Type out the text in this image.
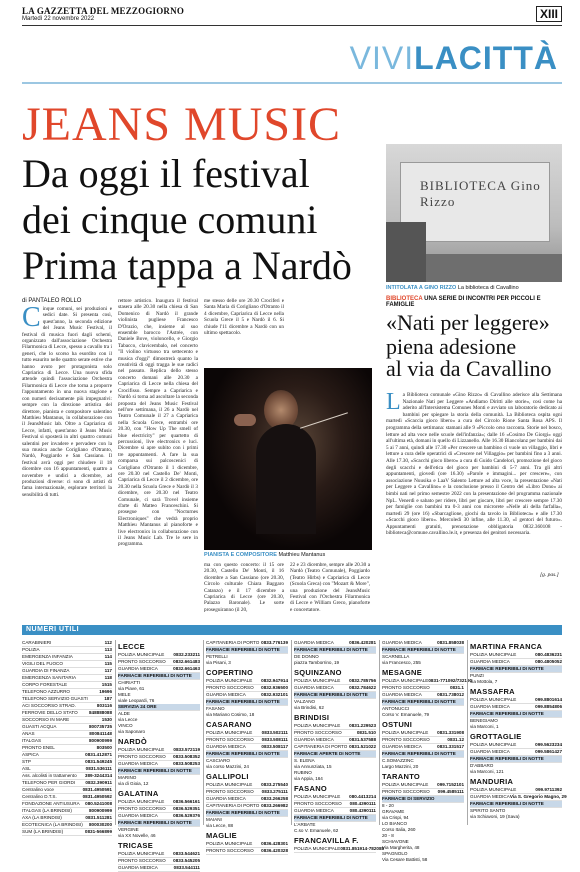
LA GAZZETTA DEL MEZZOGIORNO
Martedì 22 novembre 2022	XIII
VIVILACITTÀ
JEANS MUSIC
Da oggi il festival
dei cinque comuni
Prima tappa a Nardò
di PANTALEO ROLLO
Cinque comuni, sei produzioni e sedici date. Si presenta così, quest'anno, la seconda edizione del Jeans Music Festival, il festival di musica fuori dagli schemi, organizzato dall'associazione Orchestra Filarmonica di Lecce, spesso a cavallo tra i generi, che lo scorso ha esordito con il tutto esaurito nelle quattro serate estive che hanno avuto per protagonista solo Capriarica di Lecce. Una nuova sfida attende quindi l'associazione Orchestra Filarmonica di Lecce che torna a proporre l'appuntamento in una nuova stagione e con numeri decisamente più impegnativi: sempre con la direzione artistica del direttore, pianista e compositore salentino Matthieu Mantanus, in collaborazione con il JeansMusic lab. Oltre a Capriarica di Lecce, infatti, quest'anno il Jeans Music Festival si sposterà in altri quattro comuni salentini per invadere e pervadere con la sua musica anche Corigliano d'Otranto, Nardò, Poggiardo e San Cassiano. Il festival avrà oggi per chiudere il 18 dicembre con 16 appuntamenti, quattro a novembre e undici a dicembre, ad produzioni diverse: ci sono di artisti di fama internazionale, esplorare territori la sensibilità di tutti.
rettore artistico. Inaugura il festival stasera alle 20.30 nella chiesa di San Domenico di Nardò il grande violinista pugliese Francesco D'Orazio, che, insieme al suo ensemble barocco l'Astrée, con Daniele Bove, violoncello, e Giorgio Tabacco, clavicembalo, nel concerto "Il violino virtuoso tra settecento e musica d'oggi" dimostrerà quanto la creatività di oggi tragga le sue radici nel passato. Replica dello stesso concerto domani alle 20.30 a Capriarica di Lecce nella chiesa del Crocifisso. Sempre a Capriarica e Nardò si torna ad ascoltare la seconda proposta del Jeans Music Festival nell'ore settimana, il 26 a Nardò nel Teatro Comunale il 27 a Capriarica nella Scuola Grece, entrambi ore 20.30, con "How Up The smell of blue electricity" per quartetto di percussioni, live electronics e luci. Dicembre si apre subito con i primi tre appuntamenti. A fare la sua comparsa sui palcoscenici di Corigliano d'Otranto il 1 dicembre, ore 20.30 nel Castello De' Monti, Capriarica di Lecce il 2 dicembre, ore 20.30 nella Scuola Grece e Nardò il 3 dicembre, ore 20.30 nel Teatro Comunale, ci sarà Trovel insieme d'arte di Matteo Franceschini. Si prosegue con "Nocturnes Electroniques" che vedrà proprio Matthieu Mantanus al pianoforte e live electronics in collaborazione con il Jeans Music Lab. Tre le sere in programma.
me stesso delle ore 20.30 Crociferi e Santa Maria di Corigliano d'Otranto il 4 dicembre, Capriarica di Lecce nella Scuola Grece il 5 e Nardò il 6. Si chiude l'11 dicembre a Nardò con un ultimo spettacolo.
PIANISTA E COMPOSITORE Matthieu Mantanus
ma con questo concerto: il 15 ore 20.30, Castello De' Monti, il 16 dicembre a San Cassiano (ore 20.30, Circolo culturale Chiara Baggaro Catanzo) e il 17 dicembre a Capriarica di Lecce (ore 20.30, Palazzo Baronale). Le sorte proseguiranno (il 20,
22 e 23 dicembre, sempre alle 20.30 a Nardò (Teatro Comunale), Poggiardo (Teatro Hirbs) e Capriarica di Lecce (Scuola Greca) con "Mozart & More", una produzione del JeansMusic Festival con l'Orchestra Filarmonica di Lecce e William Greco, pianoforte e concertatore.
BIBLIOTECA Gino Rizzo
INTITOLATA A GINO RIZZO La biblioteca di Cavallino
BIBLIOTECA UNA SERIE DI INCONTRI PER PICCOLI E FAMIGLIE
«Nati per leggere»
piena adesione
al via da Cavallino
La Biblioteca comunale «Gino Rizzo» di Cavallino aderisce alla Settimana Nazionale Nati per Leggere «Andiamo Diritti alle storie», così come ha aderito all'Intersistema Comunes Monti e avviato un laboratorio dedicato ai bambini per spiegare la storia della comunità. La Biblioteca ospita ogni martedì «Scaccia gioco libero» a cura del Circolo Rione Santa Rosa APS. Il programma della settimana: stamani alle 9 «Piccolo orso racconta. Storie nel bosco, letture ad alta voce nelle scuole dell'infanzia»; dalle 16 «Cosimo De Giorgi» oggi all'ultima età, domani in quello di Lizzanello. Alle 16.30 Biancolanz per bambini dai 5 ai 7 anni, quindi alle 17.30 «Per crescere un bambino ci vuole un villaggio, libri e letture a cura delle operatrici di «Crescere nel Villaggio» per bambini fino a 3 anni. Alle 17.30, «Scacchi gioco libero» a cura di Guido Candelori, promozione del gioco degli scacchi e dell'etica del gioco per bambini di 5-7 anni. Tra gli altri appuntamenti, giovedì (ore 16.30) «Parole e immagini... per crescere», con associazione Nuusika e LaaV Salento Letture ad alta voce, la presentazione «Nati per Leggere a Cavallino» e la conclusione presso il Centro del «Libro Dono» ai bimbi nati nel primo semestre 2022 con la presentazione del programma nazionale NpL. Venerdì e sabato per ridere, libri per giocare, libri per crescere sempre 17.30 per famiglie con bambini tra 0-3 anni con microrete «Nelle ali della farfalla», martedì 29 (ore 16) «Sbarcaglione, giochi da tavolo in Biblioteca» e alle 17.30 «Scacchi gioco libero». Mercoledì 30 infine, alle 11.30, «I gentori del futuro». Appuntamenti gratuiti, prenotazione obbligatoria 0832.360108 - biblioteca@comune.cavallino.le.it, e presenza dei genitori necessaria.
[g. pas.]
NUMERI UTILI
CARABINIERI	112
POLIZIA	113
EMERGENZA INFANZIA	114
VIGILI DEL FUOCO	115
GUARDIA DI FINANZA	117
EMERGENZA SANITARIA	118
CORPO FORESTALE	1515
TELEFONO AZZURRO	19696
TELEFONO SERVIZIO GUASTI	187
ACI SOCCORSO STRAD.	803116
FERROVIE DELLO STATO 848888088
SOCCORSO IN MARE	1530
GUASTI ACQUA	800735735
ANAS	800841148
ITALGAS	800900999
PRONTO ENEL	803500
ASPICA	0831.412871
STP	0831.549245
ASL	0831.536111
Ass. alcolisti in trattamento 389-3244314
TELEFONO PER GIORDI 0832.390911
Centralino voce	0831.4950591
Centralino D.T.S.	0831.4950592
FONDAZIONE ANTIUSURA 080.5241008
ITALGAS (LA BRINDISI)	800900999
AXA (LA BRINDISI)	0831.511281
ECOTECNICA (LA BRINDISI) 800030200
SUM (LA BRINDISI)	0831-566899
LECCE
POLIZIA MUNICIPALE 0832.233211
PRONTO SOCCORSO 0832.661483
GUARDIA MEDICA	0832.661463
FARMACIE REPERIBILI DI NOTTE
CHIRIATTI
via Piave, 61
MELE
viale Leopardi, 76
SERVIZIA 24 ORE
ALDE
via Lecce
VINCO
via Saponaro
NARDÒ
POLIZIA MUNICIPALE 0833.572119
PRONTO SOCCORSO 0833.508352
GUARDIA MEDICA	0833.508253
FARMACIE REPERIBILI DI NOTTE
MARINO
via di Gioia, 12
GALATINA
POLIZIA MUNICIPALE 0836.566161
PRONTO SOCCORSO 0836.529351
GUARDIA MEDICA	0836.529376
FARMACIE REPERIBILI DI NOTTE
VERGINE
via XX Novelle, 46
TRICASE
POLIZIA MUNICIPALE 0833.544621
PRONTO SOCCORSO 0833.545205
GUARDIA MEDICA	0833.544111
CAPITANERIA DI PORTO 0833.776139
FARMACIE REPERIBILI DI NOTTE
PETRELLI
via Pisani, 3
COPERTINO
POLIZIA MUNICIPALE 0832.947914
PRONTO SOCCORSO 0832.936500
GUARDIA MEDICA	0832.932101
FARMACIE REPERIBILI DI NOTTE
FASANO
via Mariano Cosimo, 18
CASARANO
POLIZIA MUNICIPALE 0833.502111
PRONTO SOCCORSO 0833.508111
GUARDIA MEDICA	0833.508117
FARMACIE REPERIBILI DI NOTTE
CASCIARO
via corso Mazzini, 24
GALLIPOLI
POLIZIA MUNICIPALE 0833.275540
PRONTO SOCCORSO 0833.275111
GUARDIA MEDICA	0833.266258
CAPITANERIA DI PORTO 0833.266982
FARMACIE REPERIBILI DI NOTTE
MAIANI
via Lecce, 88
MAGLIE
POLIZIA MUNICIPALE 0836.428301
PRONTO SOCCORSO 0836.420328
GUARDIA MEDICA	0836.420281
FARMACIE REPERIBILI DI NOTTE
DE DONNO
piazza Tamborrino, 19
SQUINZANO
POLIZIA MUNICIPALE 0832.785756
GUARDIA MEDICA	0832.784622
FARMACIE REPERIBILI DI NOTTE
VALZANO
via Brindisi, 62
BRINDISI
POLIZIA MUNICIPALE 0831.229523
PRONTO SOCCORSO	0831.510
GUARDIA MEDICA	0831.537588
CAPITANERIA DI PORTO 0831.521022
FARMACIE APERTE DI NOTTE
S. ELENA
via Annunziata, 15
RUBINO
via Appia, 164
FASANO
POLIZIA MUNICIPALE 080.4413214
PRONTO SOCCORSO 080.4390111
GUARDIA MEDICA	080.4390111
FARMACIE REPERIBILI DI NOTTE
L'ARBATE
C.so V. Emanuele, 62
FRANCAVILLA F.
POLIZIA MUNICIPALE 0831.851914-782088
GUARDIA MEDICA	0831.858038
FARMACIE REPERIBILI DI NOTTE
SCARNELLA
via Francesco, 255
MESAGNE
POLIZIA MUNICIPALE 0831-771092/732190
PRONTO SOCCORSO	0831.1
GUARDIA MEDICA	0831.738012
FARMACIE REPERIBILI DI NOTTE
ANTONUCCI
Corso V. Emanuele, 79
OSTUNI
POLIZIA MUNICIPALE 0831.331908
PRONTO SOCCORSO	0831.12
GUARDIA MEDICA	0831.331517
FARMACIE REPERIBILI DI NOTTE
C.SOMAZZINC
Largo Mazzini, 20
TARANTO
POLIZIA MUNICIPALE 099.7152101
PRONTO SOCCORSO 099.4585111
FARMACIE DI SERVIZIO
8 - 20
GRAVAME
via Crispi, 94
LO BIANCO
Corso Italia, 260
20 - 8
SCHIAVONE
Via Margherita, 48
SPAGNOLO
Via Cesare Battisti, 58
MARTINA FRANCA
POLIZIA MUNICIPALE	080.4836231
GUARDIA MEDICA	080.4805052
FARMACIE REPERIBILI DI NOTTE
PUNZI
via Mottola, 7
MASSAFRA
POLIZIA MUNICIPALE	099.8801614
GUARDIA MEDICA	099.8854806
FARMACIE REPERIBILI DI NOTTE
BENEGIAMO
via Marconi, 1
GROTTAGLIE
POLIZIA MUNICIPALE	099.5623234
GUARDIA MEDICA	099.5861427
FARMACIE REPERIBILI DI NOTTE
D'ABBARO
via Marconi, 121
MANDURIA
POLIZIA MUNICIPALE	099.9711392
GUARDIA MEDICA Via S. Gregorio Magno, 29
FARMACIE REPERIBILI DI NOTTE
SPIRITO SANTO
via Schiavoni, 19 (Sava)
